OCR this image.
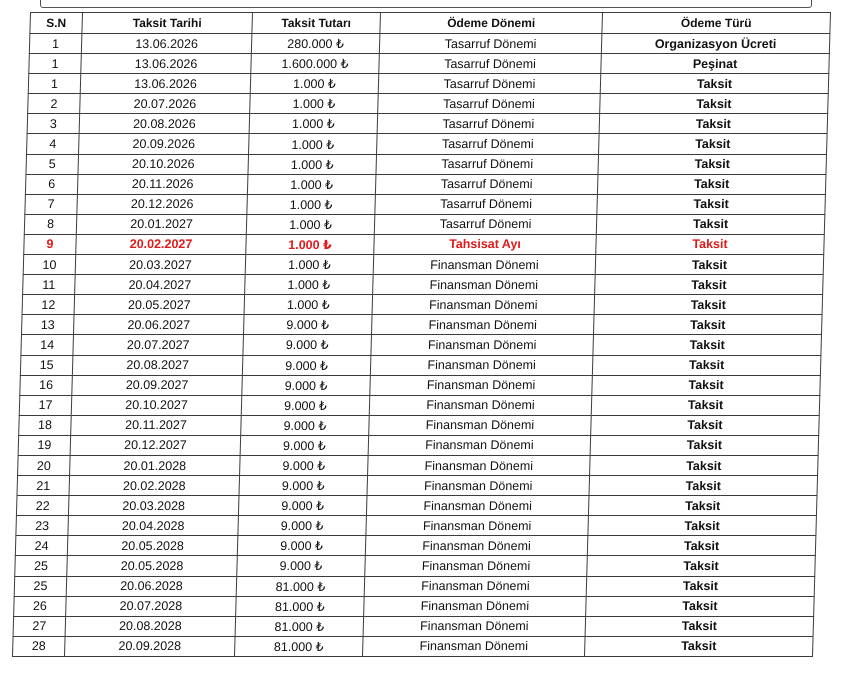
S.N	Taksit Tarihi	Taksit Tutarı	Ödeme Dönemi	Ödeme Türü
1	13.06.2026	280.000 ₺	Tasarruf Dönemi	Organizasyon Ücreti
1	13.06.2026	1.600.000 ₺	Tasarruf Dönemi	Peşinat
1	13.06.2026	1.000 ₺	Tasarruf Dönemi	Taksit
2	20.07.2026	1.000 ₺	Tasarruf Dönemi	Taksit
3	20.08.2026	1.000 ₺	Tasarruf Dönemi	Taksit
4	20.09.2026	1.000 ₺	Tasarruf Dönemi	Taksit
5	20.10.2026	1.000 ₺	Tasarruf Dönemi	Taksit
6	20.11.2026	1.000 ₺	Tasarruf Dönemi	Taksit
7	20.12.2026	1.000 ₺	Tasarruf Dönemi	Taksit
8	20.01.2027	1.000 ₺	Tasarruf Dönemi	Taksit
9	20.02.2027	1.000 ₺	Tahsisat Ayı	Taksit
10	20.03.2027	1.000 ₺	Finansman Dönemi	Taksit
11	20.04.2027	1.000 ₺	Finansman Dönemi	Taksit
12	20.05.2027	1.000 ₺	Finansman Dönemi	Taksit
13	20.06.2027	9.000 ₺	Finansman Dönemi	Taksit
14	20.07.2027	9.000 ₺	Finansman Dönemi	Taksit
15	20.08.2027	9.000 ₺	Finansman Dönemi	Taksit
16	20.09.2027	9.000 ₺	Finansman Dönemi	Taksit
17	20.10.2027	9.000 ₺	Finansman Dönemi	Taksit
18	20.11.2027	9.000 ₺	Finansman Dönemi	Taksit
19	20.12.2027	9.000 ₺	Finansman Dönemi	Taksit
20	20.01.2028	9.000 ₺	Finansman Dönemi	Taksit
21	20.02.2028	9.000 ₺	Finansman Dönemi	Taksit
22	20.03.2028	9.000 ₺	Finansman Dönemi	Taksit
23	20.04.2028	9.000 ₺	Finansman Dönemi	Taksit
24	20.05.2028	9.000 ₺	Finansman Dönemi	Taksit
25	20.05.2028	9.000 ₺	Finansman Dönemi	Taksit
25	20.06.2028	81.000 ₺	Finansman Dönemi	Taksit
26	20.07.2028	81.000 ₺	Finansman Dönemi	Taksit
27	20.08.2028	81.000 ₺	Finansman Dönemi	Taksit
28	20.09.2028	81.000 ₺	Finansman Dönemi	Taksit
